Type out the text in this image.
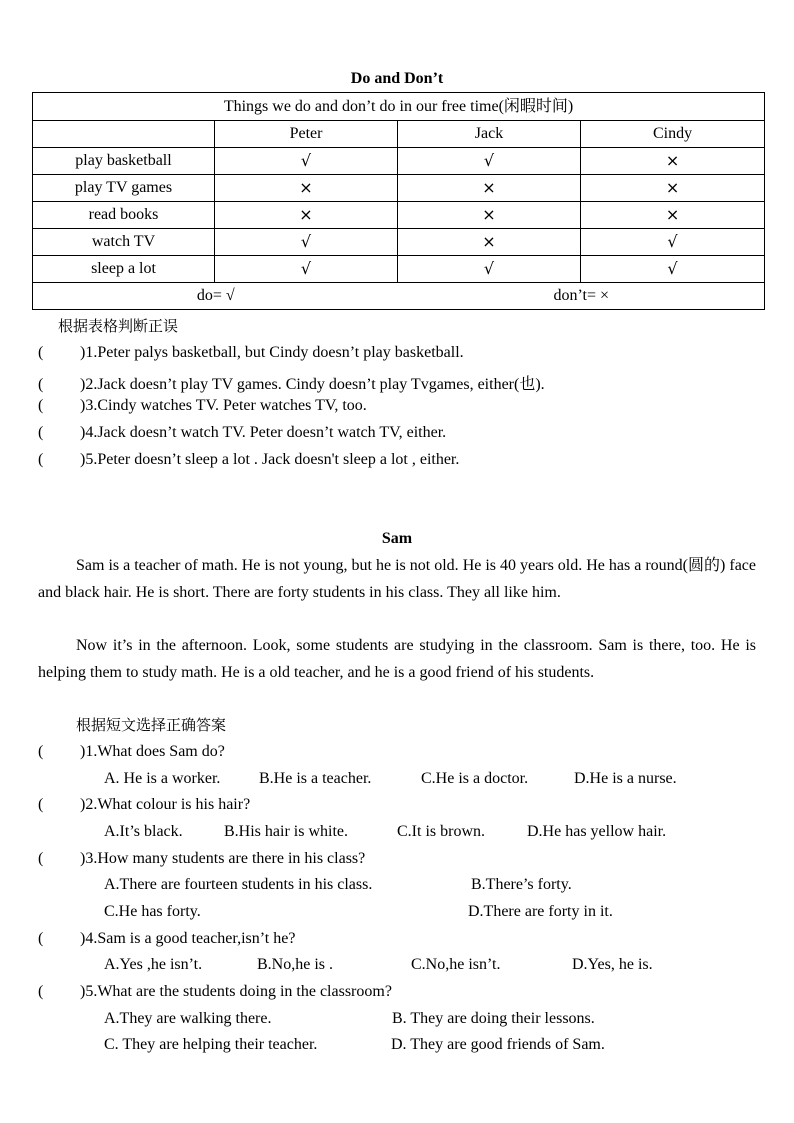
Do and Don’t
Things we do and don’t do in our free time(闲暇时间)			
	Peter	Jack	Cindy
play basketball	√	√	×
play TV games	×	×	×
read books	×	×	×
watch TV	√	×	√
sleep a lot	√	√	√
do= √ don’t= ×			
根据表格判断正误
( )1.Peter palys basketball, but Cindy doesn’t play basketball.
( )2.Jack doesn’t play TV games. Cindy doesn’t play Tvgames, either(也).
( )3.Cindy watches TV. Peter watches TV, too.
( )4.Jack doesn’t watch TV. Peter doesn’t watch TV, either.
( )5.Peter doesn’t sleep a lot . Jack doesn't sleep a lot , either.
Sam

Sam is a teacher of math. He is not young, but he is not old. He is 40 years old. He has a round(圆的) face and black hair. He is short. There are forty students in his class. They all like him.

Now it’s in the afternoon. Look, some students are studying in the classroom. Sam is there, too. He is helping them to study math. He is a old teacher, and he is a good friend of his students.

根据短文选择正确答案
( )1.What does Sam do?
A. He is a worker. B.He is a teacher.	C.He is a doctor.	D.He is a nurse.
( )2.What colour is his hair?
A.It’s black.	B.His hair is white.	C.It is brown.	D.He has yellow hair.
( )3.How many students are there in his class?
A.There are fourteen students in his class.	B.There’s forty.
C.He has forty.	D.There are forty in it.
( )4.Sam is a good teacher,isn’t he?
A.Yes ,he isn’t.	B.No,he is .	C.No,he isn’t.	D.Yes, he is.
( )5.What are the students doing in the classroom?
A.They are walking there.	B. They are doing their lessons.
C. They are helping their teacher.	D. They are good friends of Sam.
